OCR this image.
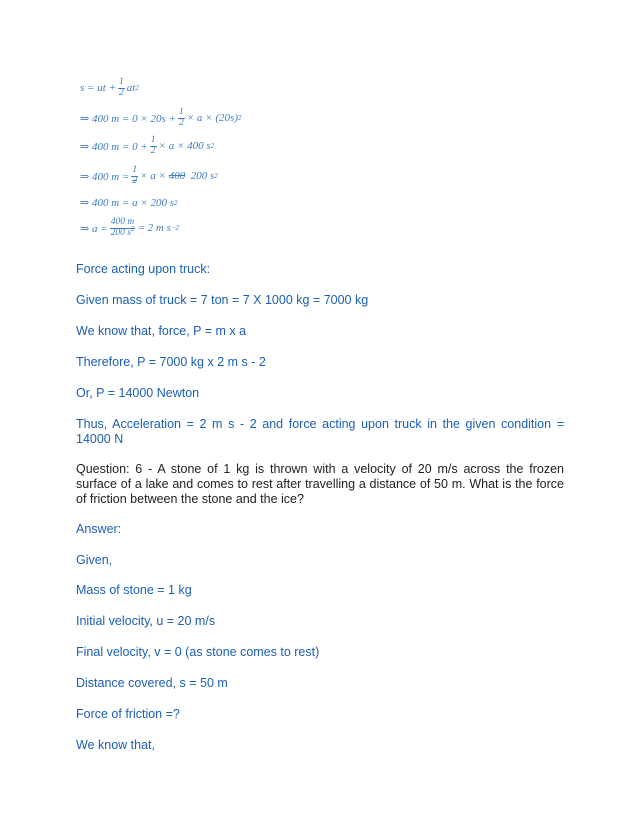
s = ut + $\frac{1}{2}$ at 2
⇒ 400 $m = 0 \times 20s + \frac{1}{2} \times a \times (20s)$ 2
⇒ 400 $m = 0 + \frac{1}{2} \times a \times 400$ s 2
⇒ 400 $m = \frac{1}{2} \times a$ ×
400
200 s 2
⇒ 400 m = a × 200 s 2
⇒ $a = \frac{400 m}{200 s^2} = 2$ m s −2
Force acting upon truck:
Given mass of truck = 7 ton = 7 X 1000 kg = 7000 kg
We know that, force, P = m x a
Therefore, P = 7000 kg x 2 m s - 2
Or, P = 14000 Newton
Thus, Acceleration = 2 m s - 2 and force acting upon truck in the given condition = 14000 N
Question: 6 - A stone of 1 kg is thrown with a velocity of 20 m/s across the frozen surface of a lake and comes to rest after travelling a distance of 50 m. What is the force of friction between the stone and the ice?
Answer:
Given,
Mass of stone = 1 kg
Initial velocity, u = 20 m/s
Final velocity, v = 0 (as stone comes to rest)
Distance covered, s = 50 m
Force of friction =?
We know that,
